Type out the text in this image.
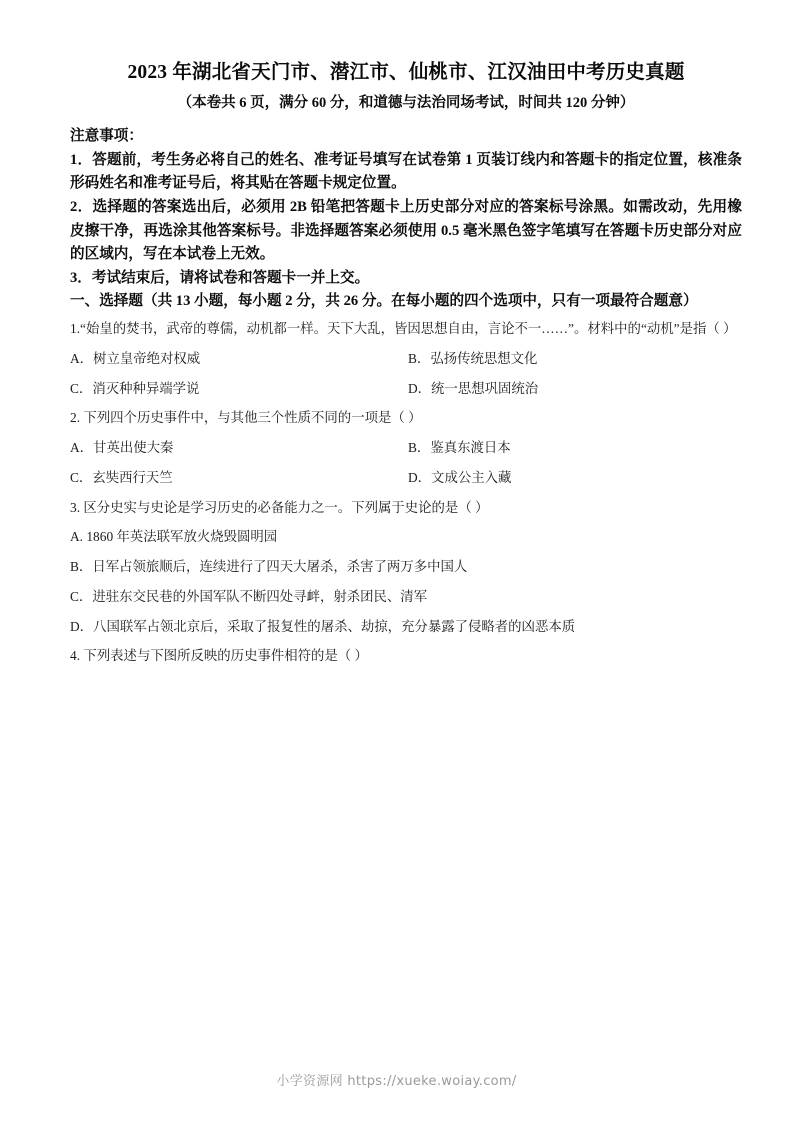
2023 年湖北省天门市、潜江市、仙桃市、江汉油田中考历史真题
（本卷共 6 页，满分 60 分，和道德与法治同场考试，时间共 120 分钟）
注意事项：
1．答题前，考生务必将自己的姓名、准考证号填写在试卷第 1 页装订线内和答题卡的指定位置，核准条形码姓名和准考证号后，将其贴在答题卡规定位置。
2．选择题的答案选出后，必须用 2B 铅笔把答题卡上历史部分对应的答案标号涂黑。如需改动，先用橡皮擦干净，再选涂其他答案标号。非选择题答案必须使用 0.5 毫米黑色签字笔填写在答题卡历史部分对应的区域内，写在本试卷上无效。
3．考试结束后，请将试卷和答题卡一并上交。
一、选择题（共 13 小题，每小题 2 分，共 26 分。在每小题的四个选项中，只有一项最符合题意）
1.“始皇的焚书，武帝的尊儒，动机都一样。天下大乱，皆因思想自由，言论不一……”。材料中的“动机”是指（ ）
A．树立皇帝绝对权威	B．弘扬传统思想文化
C．消灭种种异端学说	D．统一思想巩固统治
2. 下列四个历史事件中，与其他三个性质不同的一项是（ ）
A．甘英出使大秦	B．鉴真东渡日本
C．玄奘西行天竺	D．文成公主入藏
3. 区分史实与史论是学习历史的必备能力之一。下列属于史论的是（ ）
A. 1860 年英法联军放火烧毁圆明园
B．日军占领旅顺后，连续进行了四天大屠杀，杀害了两万多中国人
C．进驻东交民巷的外国军队不断四处寻衅，射杀团民、清军
D．八国联军占领北京后，采取了报复性的屠杀、劫掠，充分暴露了侵略者的凶恶本质
4. 下列表述与下图所反映的历史事件相符的是（ ）
小学资源网 https://xueke.woiay.com/
